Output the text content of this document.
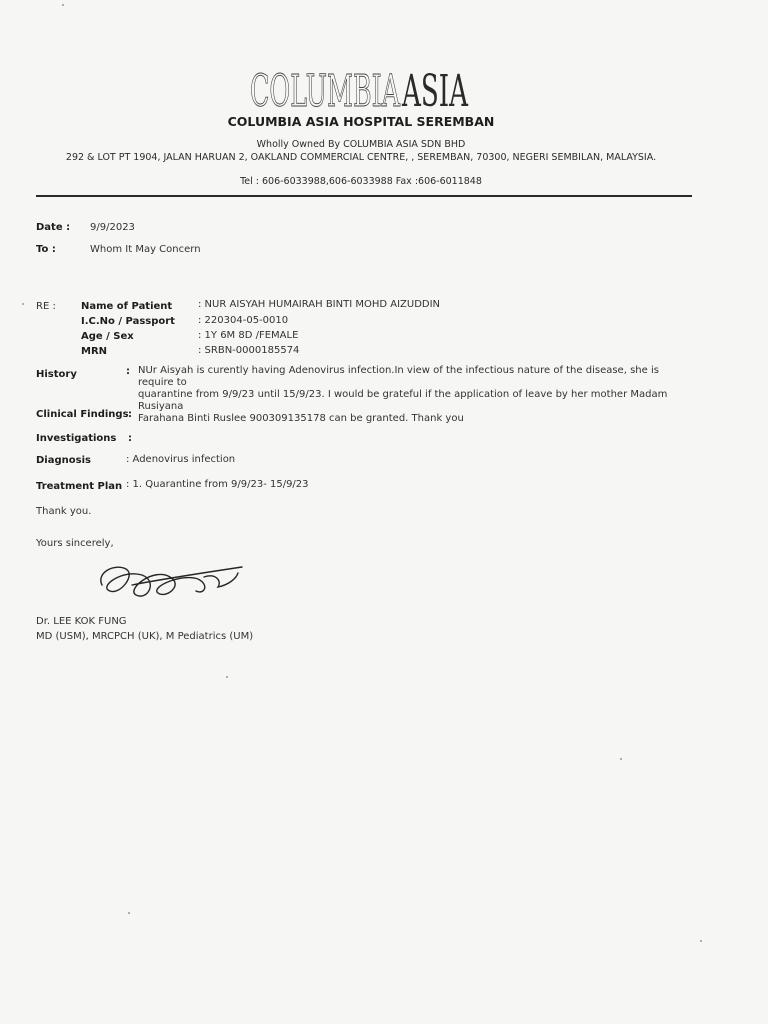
COLUMBIA ASIA
COLUMBIA ASIA HOSPITAL SEREMBAN
Wholly Owned By COLUMBIA ASIA SDN BHD
292 & LOT PT 1904, JALAN HARUAN 2, OAKLAND COMMERCIAL CENTRE, , SEREMBAN, 70300, NEGERI SEMBILAN, MALAYSIA.
Tel : 606-6033988,606-6033988 Fax :606-6011848
Date : 9/9/2023
To :	Whom It May Concern
RE :	Name of Patient	: NUR AISYAH HUMAIRAH BINTI MOHD AIZUDDIN
I.C.No / Passport : 220304-05-0010
Age / Sex	: 1Y 6M 8D /FEMALE
MRN	: SRBN-0000185574
History	: NUr Aisyah is curently having Adenovirus infection.In view of the infectious nature of the disease, she is require to
quarantine from 9/9/23 until 15/9/23. I would be grateful if the application of leave by her mother Madam Rusiyana
Farahana Binti Ruslee 900309135178 can be granted. Thank you
Clinical Findings :
Investigations :
Diagnosis	: Adenovirus infection
Treatment Plan : 1. Quarantine from 9/9/23- 15/9/23
Thank you.
Yours sincerely,
Dr. LEE KOK FUNG
MD (USM), MRCPCH (UK), M Pediatrics (UM)
